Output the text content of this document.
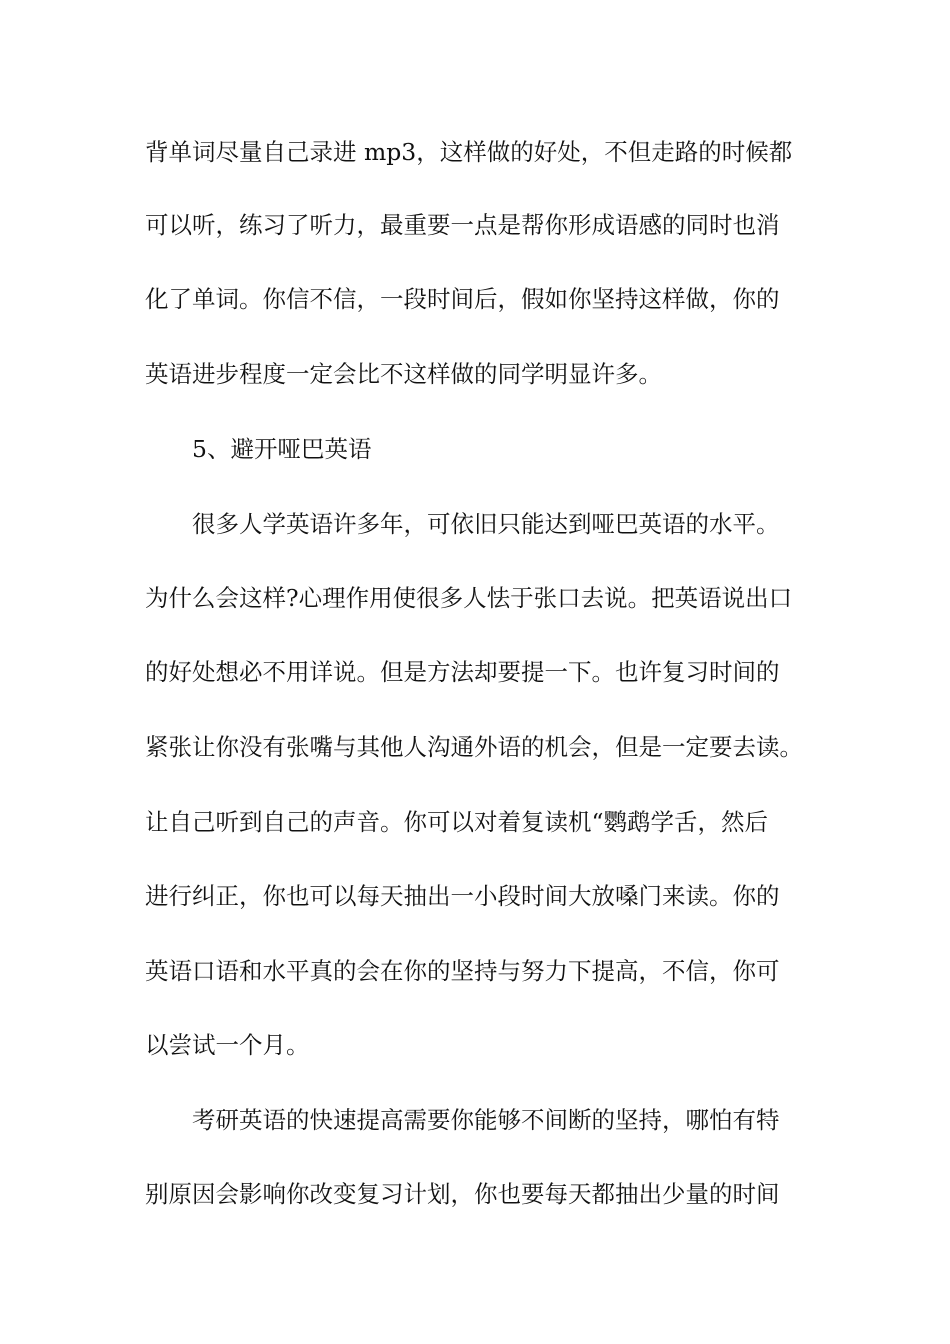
背单词尽量自己录进 mp3，这样做的好处，不但走路的时候都
可以听，练习了听力，最重要一点是帮你形成语感的同时也消
化了单词。你信不信，一段时间后，假如你坚持这样做，你的
英语进步程度一定会比不这样做的同学明显许多。
5、避开哑巴英语
很多人学英语许多年，可依旧只能达到哑巴英语的水平。
为什么会这样?心理作用使很多人怯于张口去说。把英语说出口
的好处想必不用详说。但是方法却要提一下。也许复习时间的
紧张让你没有张嘴与其他人沟通外语的机会，但是一定要去读。
让自己听到自己的声音。你可以对着复读机“鹦鹉学舌，然后
进行纠正，你也可以每天抽出一小段时间大放嗓门来读。你的
英语口语和水平真的会在你的坚持与努力下提高，不信，你可
以尝试一个月。
考研英语的快速提高需要你能够不间断的坚持，哪怕有特
别原因会影响你改变复习计划，你也要每天都抽出少量的时间
